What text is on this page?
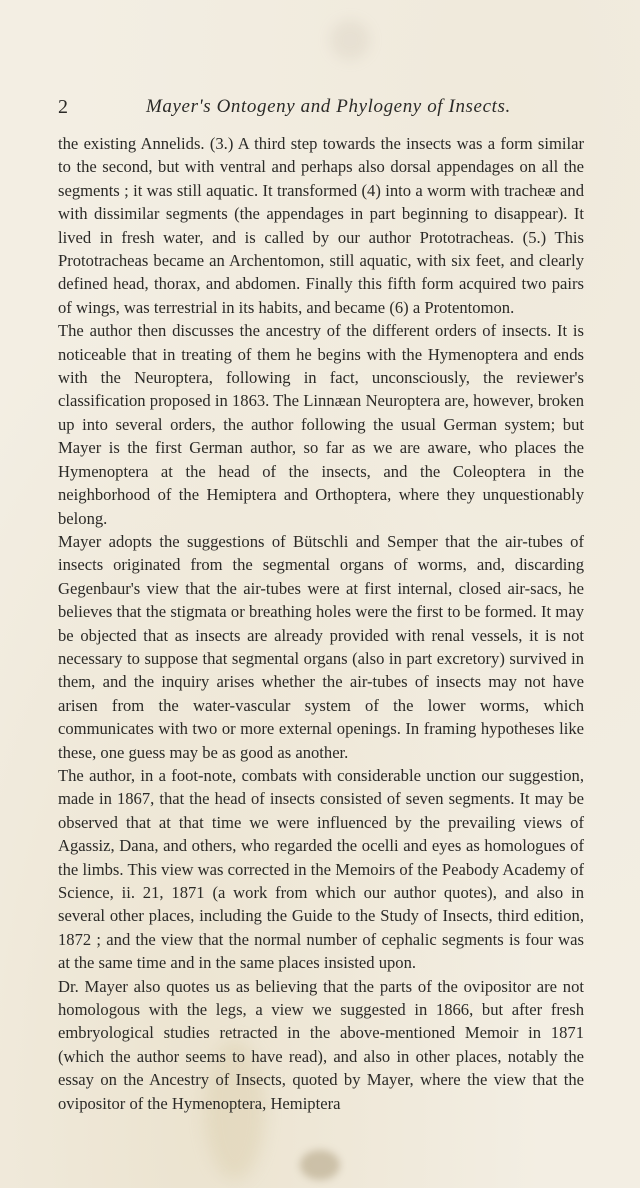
2	Mayer's Ontogeny and Phylogeny of Insects.

the existing Annelids. (3.) A third step towards the insects was a form similar to the second, but with ventral and perhaps also dorsal appendages on all the segments ; it was still aquatic. It transformed (4) into a worm with tracheæ and with dissimilar segments (the appendages in part beginning to disappear). It lived in fresh water, and is called by our author Prototracheas. (5.) This Prototracheas became an Archentomon, still aquatic, with six feet, and clearly defined head, thorax, and abdomen. Finally this fifth form acquired two pairs of wings, was terrestrial in its habits, and became (6) a Protentomon.

The author then discusses the ancestry of the different orders of insects. It is noticeable that in treating of them he begins with the Hymenoptera and ends with the Neuroptera, following in fact, unconsciously, the reviewer's classification proposed in 1863. The Linnæan Neuroptera are, however, broken up into several orders, the author following the usual German system; but Mayer is the first German author, so far as we are aware, who places the Hymenoptera at the head of the insects, and the Coleoptera in the neighborhood of the Hemiptera and Orthoptera, where they unquestionably belong.

Mayer adopts the suggestions of Bütschli and Semper that the air-tubes of insects originated from the segmental organs of worms, and, discarding Gegenbaur's view that the air-tubes were at first internal, closed air-sacs, he believes that the stigmata or breathing holes were the first to be formed. It may be objected that as insects are already provided with renal vessels, it is not necessary to suppose that segmental organs (also in part excretory) survived in them, and the inquiry arises whether the air-tubes of insects may not have arisen from the water-vascular system of the lower worms, which communicates with two or more external openings. In framing hypotheses like these, one guess may be as good as another.

The author, in a foot-note, combats with considerable unction our suggestion, made in 1867, that the head of insects consisted of seven segments. It may be observed that at that time we were influenced by the prevailing views of Agassiz, Dana, and others, who regarded the ocelli and eyes as homologues of the limbs. This view was corrected in the Memoirs of the Peabody Academy of Science, ii. 21, 1871 (a work from which our author quotes), and also in several other places, including the Guide to the Study of Insects, third edition, 1872 ; and the view that the normal number of cephalic segments is four was at the same time and in the same places insisted upon.

Dr. Mayer also quotes us as believing that the parts of the ovipositor are not homologous with the legs, a view we suggested in 1866, but after fresh embryological studies retracted in the above-mentioned Memoir in 1871 (which the author seems to have read), and also in other places, notably the essay on the Ancestry of Insects, quoted by Mayer, where the view that the ovipositor of the Hymenoptera, Hemiptera
